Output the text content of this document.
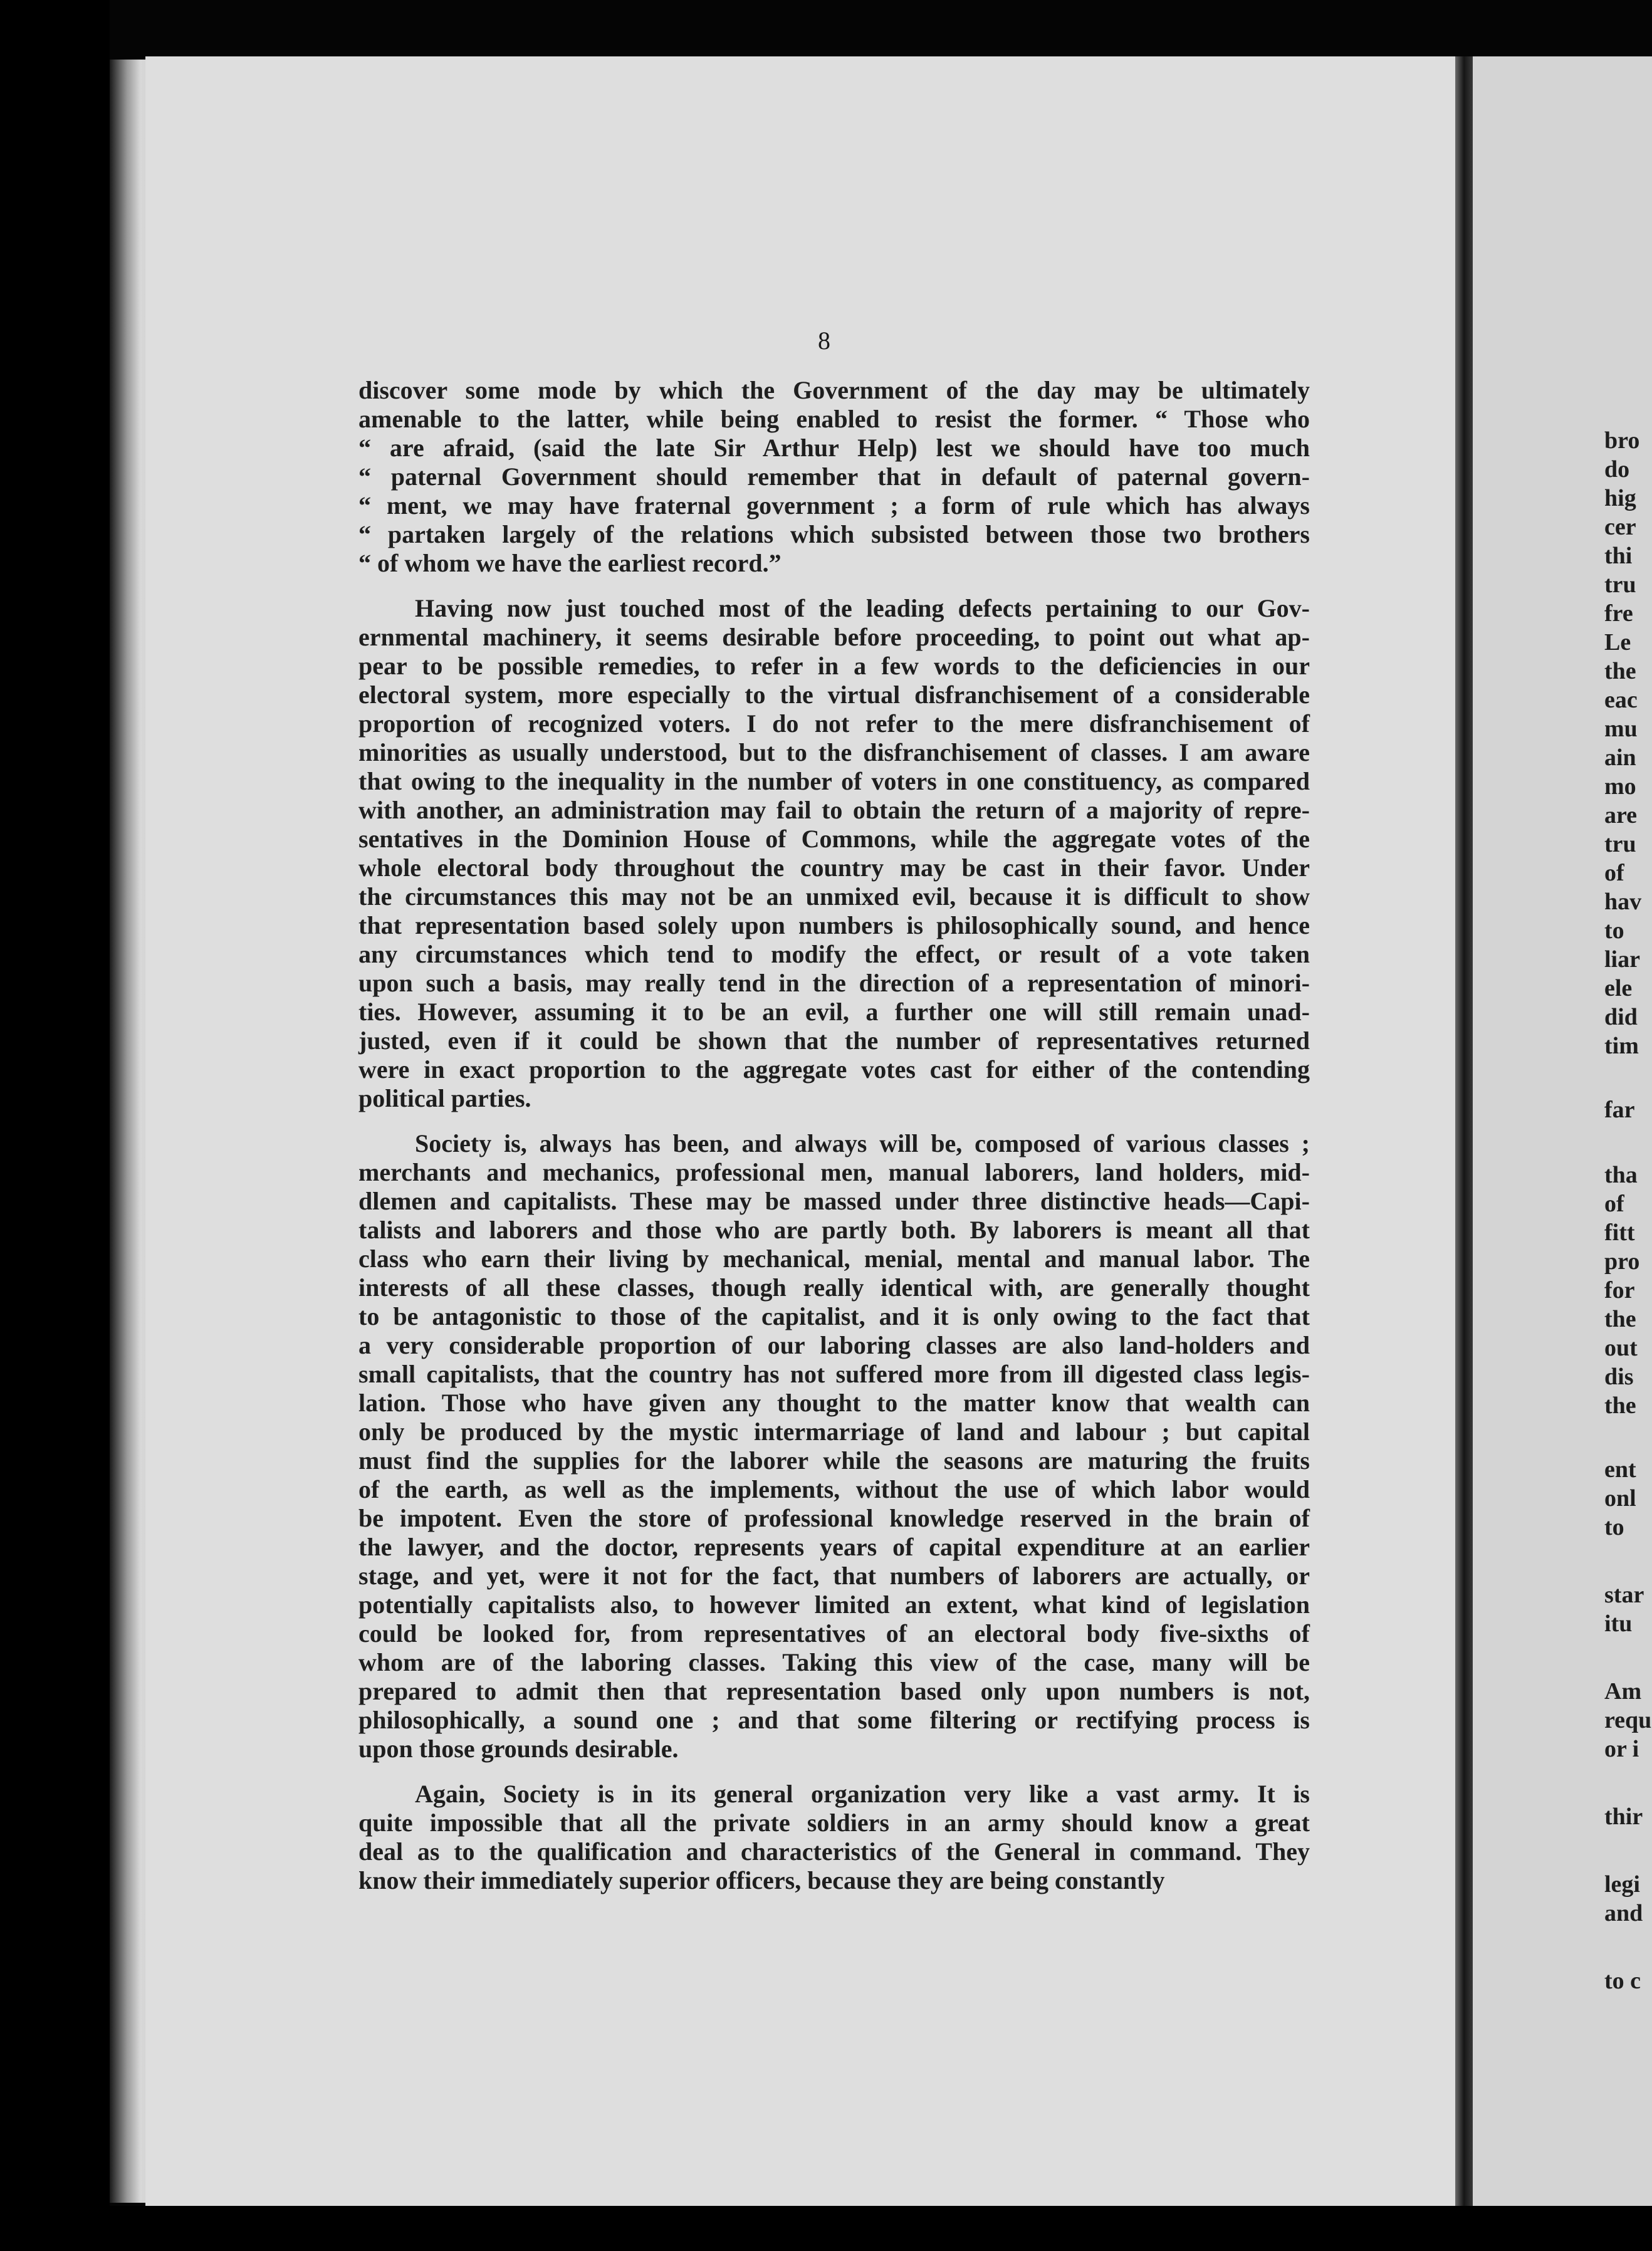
8

discover some mode by which the Government of the day may be ultimately
amenable to the latter, while being enabled to resist the former. “ Those who
“ are afraid, (said the late Sir Arthur Help) lest we should have too much
“ paternal Government should remember that in default of paternal govern-
“ ment, we may have fraternal government ; a form of rule which has always
“ partaken largely of the relations which subsisted between those two brothers
“ of whom we have the earliest record.”

Having now just touched most of the leading defects pertaining to our Gov-
ernmental machinery, it seems desirable before proceeding, to point out what ap-
pear to be possible remedies, to refer in a few words to the deficiencies in our
electoral system, more especially to the virtual disfranchisement of a considerable
proportion of recognized voters. I do not refer to the mere disfranchisement of
minorities as usually understood, but to the disfranchisement of classes. I am aware
that owing to the inequality in the number of voters in one constituency, as compared
with another, an administration may fail to obtain the return of a majority of repre-
sentatives in the Dominion House of Commons, while the aggregate votes of the
whole electoral body throughout the country may be cast in their favor. Under
the circumstances this may not be an unmixed evil, because it is difficult to show
that representation based solely upon numbers is philosophically sound, and hence
any circumstances which tend to modify the effect, or result of a vote taken
upon such a basis, may really tend in the direction of a representation of minori-
ties. However, assuming it to be an evil, a further one will still remain unad-
justed, even if it could be shown that the number of representatives returned
were in exact proportion to the aggregate votes cast for either of the contending
political parties.

Society is, always has been, and always will be, composed of various classes ;
merchants and mechanics, professional men, manual laborers, land holders, mid-
dlemen and capitalists. These may be massed under three distinctive heads—Capi-
talists and laborers and those who are partly both. By laborers is meant all that
class who earn their living by mechanical, menial, mental and manual labor. The
interests of all these classes, though really identical with, are generally thought
to be antagonistic to those of the capitalist, and it is only owing to the fact that
a very considerable proportion of our laboring classes are also land-holders and
small capitalists, that the country has not suffered more from ill digested class legis-
lation. Those who have given any thought to the matter know that wealth can
only be produced by the mystic intermarriage of land and labour ; but capital
must find the supplies for the laborer while the seasons are maturing the fruits
of the earth, as well as the implements, without the use of which labor would
be impotent. Even the store of professional knowledge reserved in the brain of
the lawyer, and the doctor, represents years of capital expenditure at an earlier
stage, and yet, were it not for the fact, that numbers of laborers are actually, or
potentially capitalists also, to however limited an extent, what kind of legislation
could be looked for, from representatives of an electoral body five-sixths of
whom are of the laboring classes. Taking this view of the case, many will be
prepared to admit then that representation based only upon numbers is not,
philosophically, a sound one ; and that some filtering or rectifying process is
upon those grounds desirable.

Again, Society is in its general organization very like a vast army. It is
quite impossible that all the private soldiers in an army should know a great
deal as to the qualification and characteristics of the General in command. They
know their immediately superior officers, because they are being constantly

bro
do
hig
cer
thi
tru
fre
Le
the
eac
mu
ain
mo
are
tru
of
hav
to
liar
ele
did
tim
far
tha
of
fitt
pro
for
the
out
dis
the
ent
onl
to
star
itu
Am
requ
or i
thir
legi
and
to c
